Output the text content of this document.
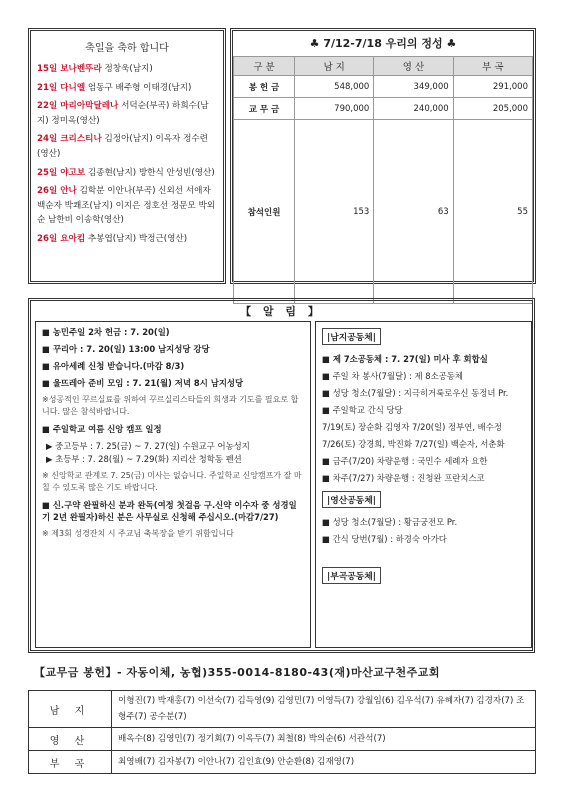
축일을 축하 합니다
15일 보나벤뚜라 정창욱(남지)
21일 다니엘 엄동구 배주형 이태경(남지)
22일 마리아막달레나 서덕순(부곡) 하희수(남지) 정미옥(영산)
24일 크리스티나 김정아(남지) 이옥자 정수련(영산)
25일 야고보 김종현(남지) 방한식 안성빈(영산)
26일 안나 김학분 이안나(부곡) 신외선 서애자 백순자 박쾌조(남지) 이지은 정호선 정문모 박외순 남한비 이송학(영산)
26일 요아킴 추봉엽(남지) 박정근(영산)
♣ 7/12-7/18 우리의 정성 ♣
구 분	남 지	영 산	부 곡
봉 헌 금	548,000	349,000	291,000
교 무 금	790,000	240,000	205,000
참석인원	153	63	55
【 알 림 】
■ 농민주일 2차 헌금 : 7. 20(일)
■ 꾸리아 : 7. 20(일) 13:00 남지성당 강당
■ 유아세례 신청 받습니다.(마감 8/3)
■ 울뜨레아 준비 모임 : 7. 21(월) 저녁 8시 남지성당
※성공적인 꾸르실료를 위하여 꾸르실리스타들의 희생과 기도를 필요로 합니다. 많은 참석바랍니다.
■ 주일학교 여름 신앙 캠프 일정
▶ 중고등부 : 7. 25(금) ~ 7. 27(일) 수원교구 어농성지
▶ 초등부 : 7. 28(월) ~ 7.29(화) 지리산 청학동 펜션
※ 신앙학교 관계로 7. 25(금) 미사는 없습니다. 주일학교 신앙캠프가 잘 마칠 수 있도록 많은 기도 바랍니다.
■ 신.구약 완필하신 분과 완독(여정 첫걸음 구.신약 이수자 중 성경일기 2년 완필자)하신 분은 사무실로 신청해 주십시오.(마감7/27)
※ 제3회 성경잔치 시 주교님 축복장을 받기 위함입니다
|남지공동체|
■ 제 7소공동체 : 7. 27(일) 미사 후 회합실
■ 주일 차 봉사(7월달) : 제 8소공동체
■ 성당 청소(7월달) : 지극히거룩로우신 동정녀 Pr.
■ 주일학교 간식 당당
7/19(토) 장순화 김영자 7/20(일) 정부연, 배수정
7/26(토) 강경희, 박진화 7/27(일) 백순자, 서춘화
■ 금주(7/20) 차량운행 : 국민수 세례자 요한
■ 차주(7/27) 차량운행 : 진청완 프란치스코
|영산공동체|
■ 성당 청소(7월달) : 황금궁전모 Pr.
■ 간식 당번(7월) : 하경숙 아가다
|부곡공동체|
【교무금 봉헌】- 자동이체, 농협)355-0014-8180-43(재)마산교구천주교회
남 지	이형진(7) 박재홍(7) 이선숙(7) 김득영(9) 김영민(7) 이영득(7) 강월임(6) 김우석(7) 유혜자(7) 김경자(7) 조형주(7) 공수분(7)
영 산	배옥수(8) 김영민(7) 정기회(7) 이옥두(7) 최철(8) 박의순(6) 서관석(7)
부 곡	최영배(7) 김자봉(7) 이안나(7) 김인효(9) 안순환(8) 김재영(7)
